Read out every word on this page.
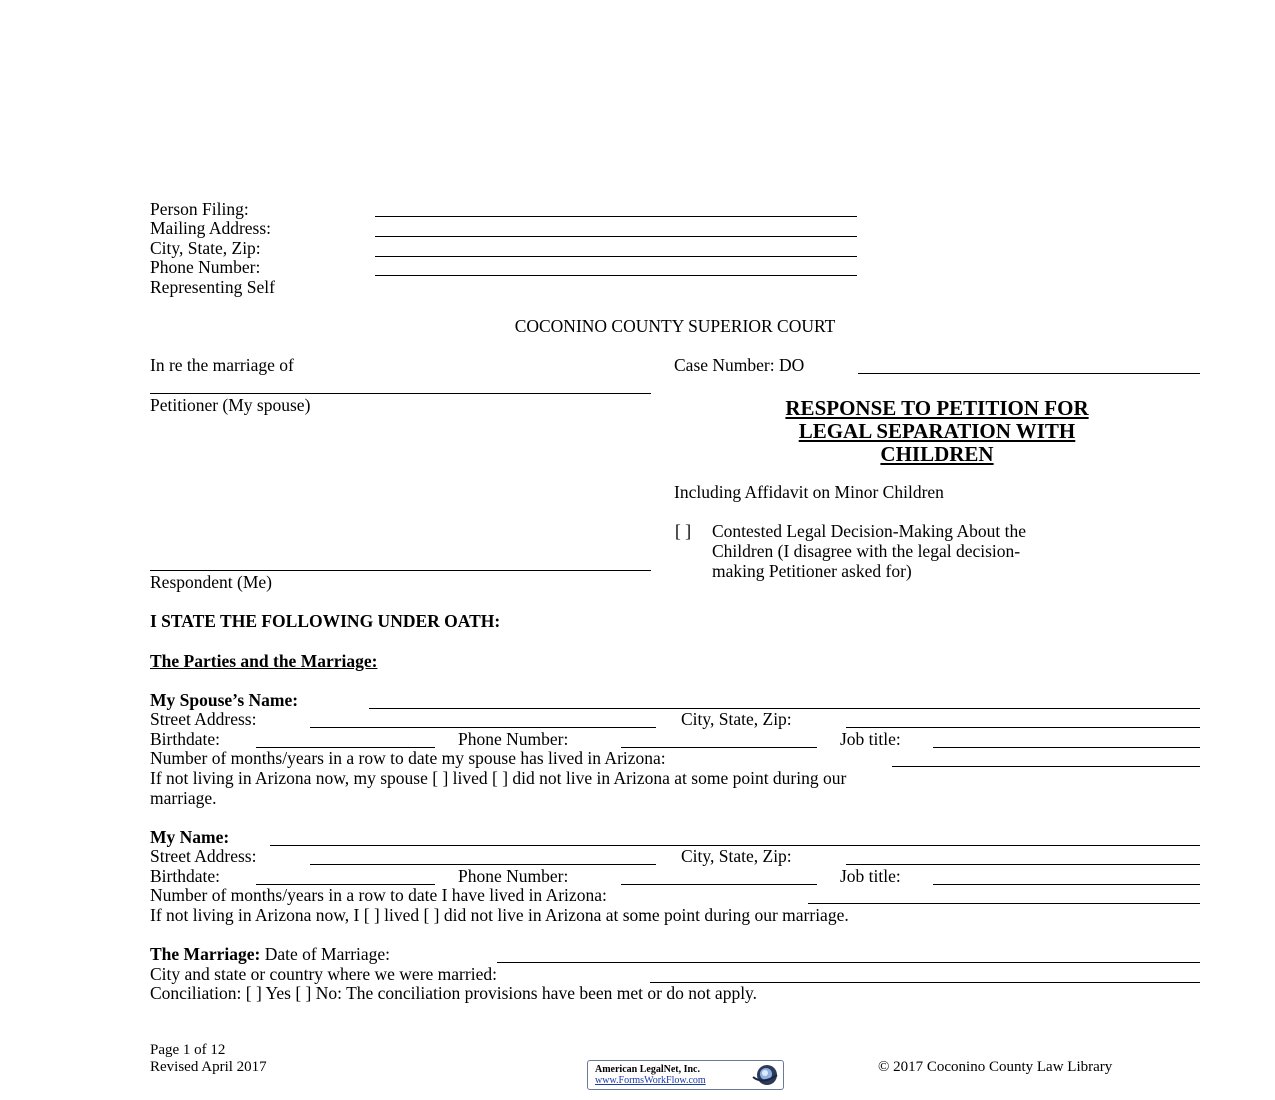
Person Filing:
Mailing Address:
City, State, Zip:
Phone Number:
Representing Self
COCONINO COUNTY SUPERIOR COURT
In re the marriage of
Petitioner (My spouse)
Respondent (Me)
Case Number: DO
RESPONSE TO PETITION FOR
LEGAL SEPARATION WITH
CHILDREN
Including Affidavit on Minor Children
[ ] Contested Legal Decision-Making About the
Children (I disagree with the legal decision-
making Petitioner asked for)
I STATE THE FOLLOWING UNDER OATH:
The Parties and the Marriage:
My Spouse’s Name:
Street Address:	City, State, Zip:
Birthdate:	Phone Number:	Job title:
Number of months/years in a row to date my spouse has lived in Arizona:
If not living in Arizona now, my spouse [ ] lived [ ] did not live in Arizona at some point during our
marriage.
My Name:
Street Address:	City, State, Zip:
Birthdate:	Phone Number:	Job title:
Number of months/years in a row to date I have lived in Arizona:
If not living in Arizona now, I [ ] lived [ ] did not live in Arizona at some point during our marriage.
The Marriage: Date of Marriage:
City and state or country where we were married:
Conciliation: [ ] Yes [ ] No: The conciliation provisions have been met or do not apply.
Page 1 of 12
Revised April 2017	American LegalNet, Inc.
www.FormsWorkFlow.com
© 2017 Coconino County Law Library
